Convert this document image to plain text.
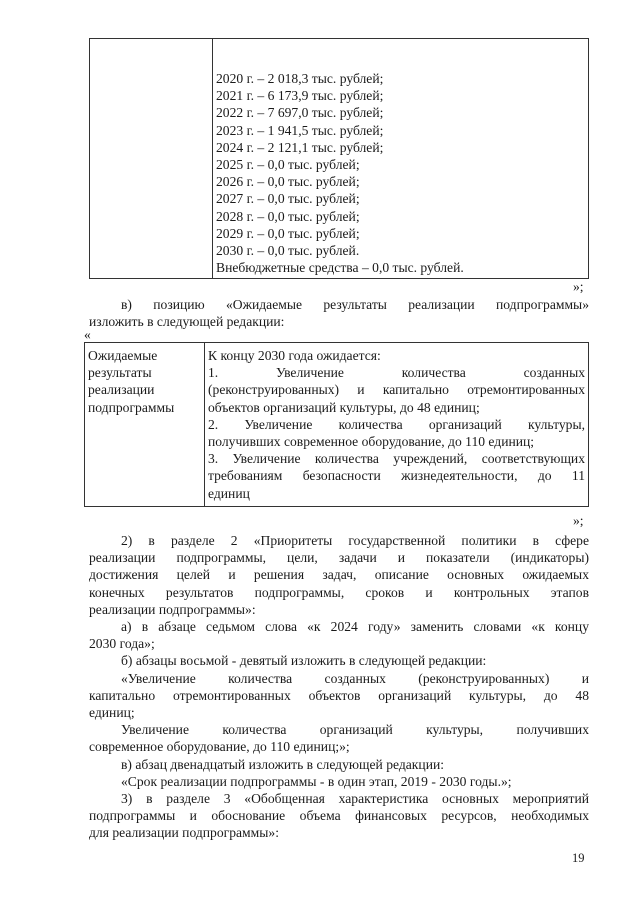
2020 г. – 2 018,3 тыс. рублей;
2021 г. – 6 173,9 тыс. рублей;
2022 г. – 7 697,0 тыс. рублей;
2023 г. – 1 941,5 тыс. рублей;
2024 г. – 2 121,1 тыс. рублей;
2025 г. – 0,0 тыс. рублей;
2026 г. – 0,0 тыс. рублей;
2027 г. – 0,0 тыс. рублей;
2028 г. – 0,0 тыс. рублей;
2029 г. – 0,0 тыс. рублей;
2030 г. – 0,0 тыс. рублей.
Внебюджетные средства – 0,0 тыс. рублей.
»;
в) позицию «Ожидаемые результаты реализации подпрограммы»
изложить в следующей редакции:
«
Ожидаемые
результаты
реализации
подпрограммы

К концу 2030 года ожидается:
1. Увеличение количества созданных
(реконструированных) и капитально отремонтированных
объектов организаций культуры, до 48 единиц;
2. Увеличение количества организаций культуры,
получивших современное оборудование, до 110 единиц;
3. Увеличение количества учреждений, соответствующих
требованиям безопасности жизнедеятельности, до 11
единиц
»;
2) в разделе 2 «Приоритеты государственной политики в сфере
реализации подпрограммы, цели, задачи и показатели (индикаторы)
достижения целей и решения задач, описание основных ожидаемых
конечных результатов подпрограммы, сроков и контрольных этапов
реализации подпрограммы»:
а) в абзаце седьмом слова «к 2024 году» заменить словами «к концу
2030 года»;
б) абзацы восьмой - девятый изложить в следующей редакции:
«Увеличение количества созданных (реконструированных) и
капитально отремонтированных объектов организаций культуры, до 48
единиц;
Увеличение количества организаций культуры, получивших
современное оборудование, до 110 единиц;»;
в) абзац двенадцатый изложить в следующей редакции:
«Срок реализации подпрограммы - в один этап, 2019 - 2030 годы.»;
3) в разделе 3 «Обобщенная характеристика основных мероприятий
подпрограммы и обоснование объема финансовых ресурсов, необходимых
для реализации подпрограммы»:
19
